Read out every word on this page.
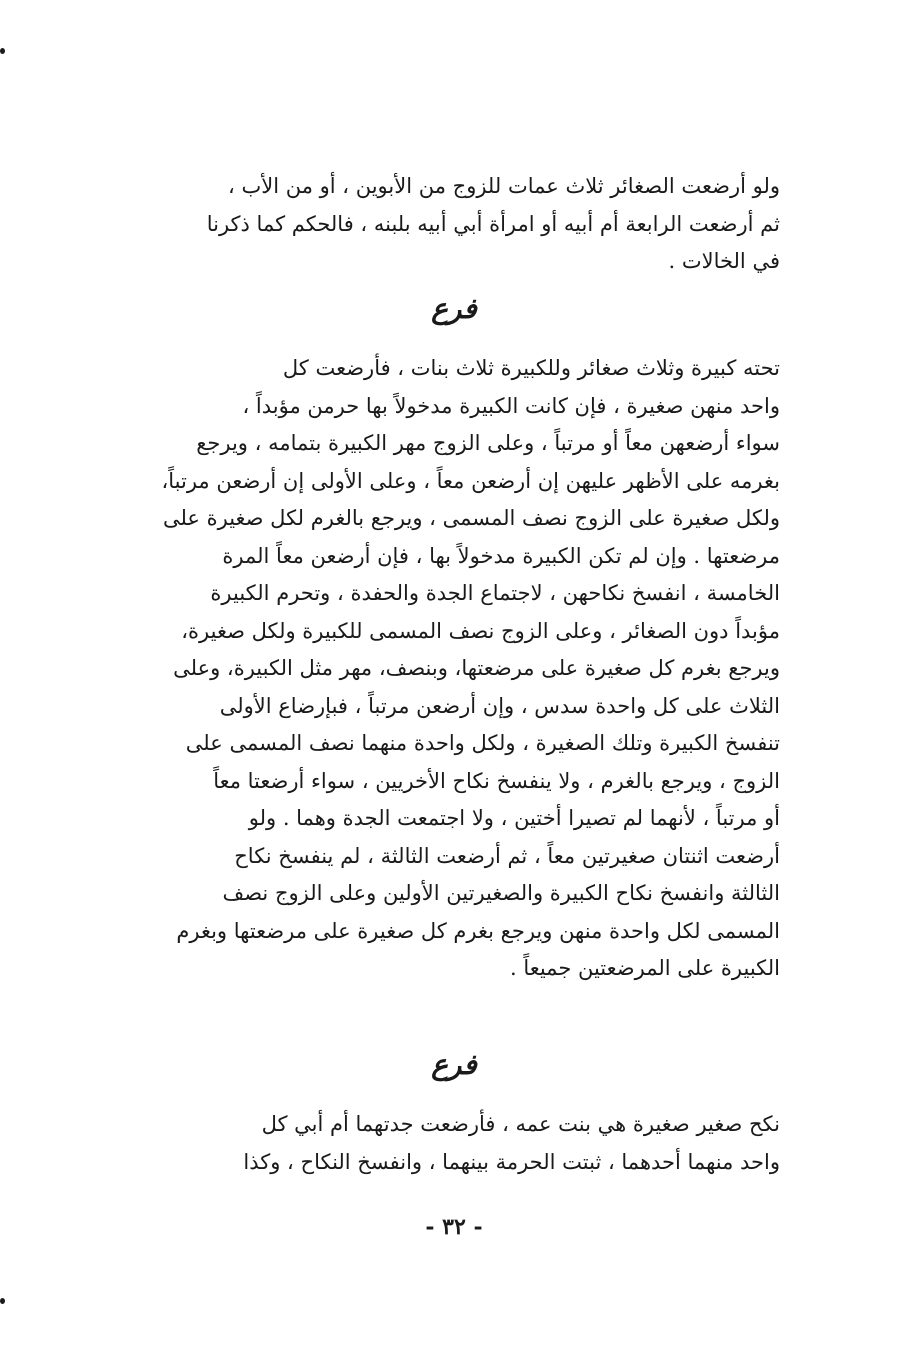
ولو أرضعت الصغائر ثلاث عمات للزوج من الأبوين ، أو من الأب ،
ثم أرضعت الرابعة أم أبيه أو امرأة أبي أبيه بلبنه ، فالحكم كما ذكرنا
في الخالات .
فرع
تحته كبيرة وثلاث صغائر وللكبيرة ثلاث بنات ، فأرضعت كل
واحد منهن صغيرة ، فإن كانت الكبيرة مدخولاً بها حرمن مؤبداً ،
سواء أرضعهن معاً أو مرتباً ، وعلى الزوج مهر الكبيرة بتمامه ، ويرجع
بغرمه على الأظهر عليهن إن أرضعن معاً ، وعلى الأولى إن أرضعن مرتباً،
ولكل صغيرة على الزوج نصف المسمى ، ويرجع بالغرم لكل صغيرة على
مرضعتها . وإن لم تكن الكبيرة مدخولاً بها ، فإن أرضعن معاً المرة
الخامسة ، انفسخ نكاحهن ، لاجتماع الجدة والحفدة ، وتحرم الكبيرة
مؤبداً دون الصغائر ، وعلى الزوج نصف المسمى للكبيرة ولكل صغيرة،
ويرجع بغرم كل صغيرة على مرضعتها، وبنصف، مهر مثل الكبيرة، وعلى
الثلاث على كل واحدة سدس ، وإن أرضعن مرتباً ، فبإرضاع الأولى
تنفسخ الكبيرة وتلك الصغيرة ، ولكل واحدة منهما نصف المسمى على
الزوج ، ويرجع بالغرم ، ولا ينفسخ نكاح الأخريين ، سواء أرضعتا معاً
أو مرتباً ، لأنهما لم تصيرا أختين ، ولا اجتمعت الجدة وهما . ولو
أرضعت اثنتان صغيرتين معاً ، ثم أرضعت الثالثة ، لم ينفسخ نكاح
الثالثة وانفسخ نكاح الكبيرة والصغيرتين الأولين وعلى الزوج نصف
المسمى لكل واحدة منهن ويرجع بغرم كل صغيرة على مرضعتها وبغرم
الكبيرة على المرضعتين جميعاً .
فرع
نكح صغير صغيرة هي بنت عمه ، فأرضعت جدتهما أم أبي كل
واحد منهما أحدهما ، ثبتت الحرمة بينهما ، وانفسخ النكاح ، وكذا
- ٣٢ -
